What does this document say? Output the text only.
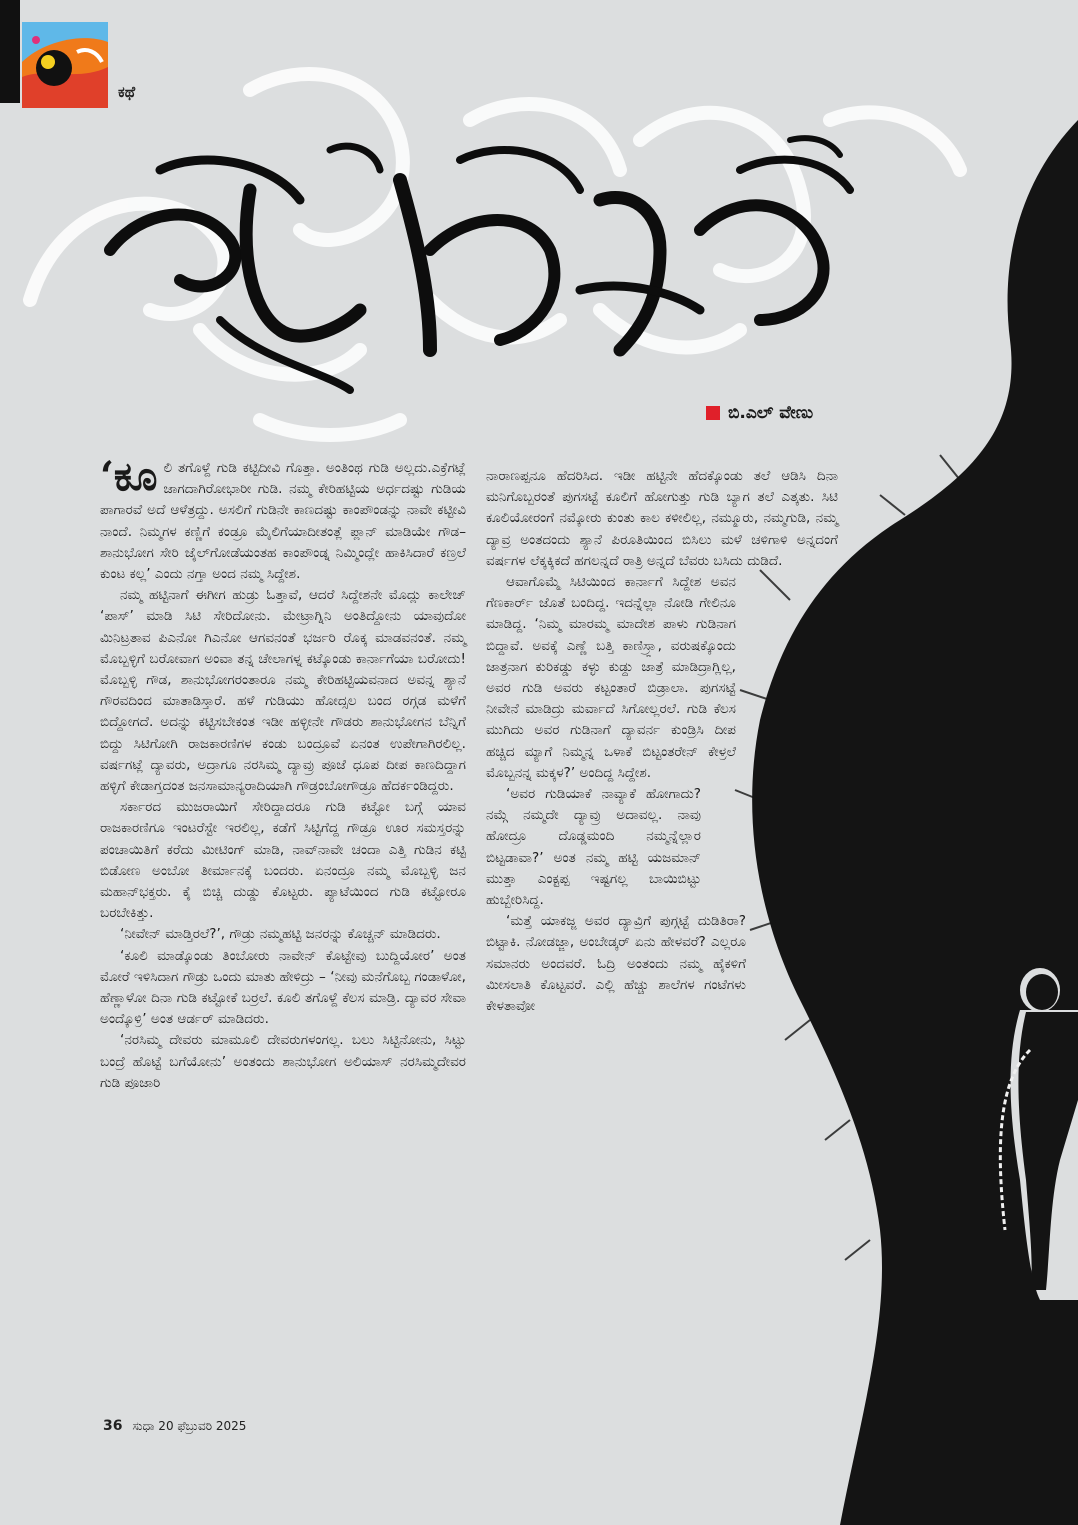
ಕಥೆ
ಬಿ.ಎಲ್‌ ವೇಣು

‘ಕೂಲಿ ತಗೊಳ್ದೆ ಗುಡಿ ಕಟ್ಟಿದೀವಿ ಗೊತ್ತಾ. ಅಂತಿಂಥ ಗುಡಿ ಅಲ್ಲದು.ಎಕ್ರೆಗಟ್ಲೆ ಜಾಗದಾಗಿರೋಭಾರೀ ಗುಡಿ. ನಮ್ಮ ಕೇರಿಹಟ್ಟಿಯ ಅರ್ಧದಷ್ಟು ಗುಡಿಯ ಪಾಗಾರವೆ ಅದೆ ಆಳೆತ್ರದ್ದು. ಅಸಲಿಗೆ ಗುಡಿನೇ ಕಾಣದಷ್ಟು ಕಾಂಪೌಂಡನ್ನು ನಾವೇ ಕಟ್ಟೀವಿ ನಾಂದೆ. ನಿಮ್ಮಗಳ ಕಣ್ಣಿಗೆ ಕಂಡ್ರೂ ಮೈಲಿಗೆಯಾದೀತಂತ್ಲೆ ಪ್ಲಾನ್ ಮಾಡಿಯೇ ಗೌಡ–ಶಾನುಭೋಗ ಸೇರಿ ಜೈಲ್‌ಗೋಡೆಯಂತಹ ಕಾಂಪೌಂಡ್ನ ನಿಮ್ಮಿಂದ್ಲೇ ಹಾಕಿಸಿದಾರೆ ಕಣ್ರಲೆ ಕುಂಟ ಕಲ್ಲ’ ಎಂದು ನಗ್ತಾ ಅಂದ ನಮ್ಮ ಸಿದ್ದೇಶ.

ನಮ್ಮ ಹಟ್ಟಿನಾಗೆ ಈಗೀಗ ಹುಡ್ರು ಓತ್ತಾವೆ, ಆದರೆ ಸಿದ್ದೇಶನೇ ಮೊದ್ಲು ಕಾಲೇಜ್ ‘ಪಾಸ್’ ಮಾಡಿ ಸಿಟಿ ಸೇರಿದೋನು. ಮೇಟ್ರಾಗ್ನಿನಿ ಅಂತಿದ್ದೋನು ಯಾವುದೋ ಮಿನಿಟ್ರತಾವ ಪಿಎನೋ ಗಿಎನೋ ಆಗವನಂತೆ ಭರ್ಜರಿ ರೊಕ್ಕ ಮಾಡವನಂತೆ. ನಮ್ಮ ಮೊಬ್ಬಳ್ಳಿಗೆ ಬರೋವಾಗ ಅಂವಾ ತನ್ನ ಚೇಲಾಗಳ್ನ ಕಟ್ಕೊಂಡು ಕಾರ್ನಾಗೆಯಾ ಬರೋದು! ಮೊಬ್ಬಳ್ಳಿ ಗೌಡ, ಶಾನುಭೋಗರಂತಾರೂ ನಮ್ಮ ಕೇರಿಹಟ್ಟಿಯವನಾದ ಅವನ್ನ ಶ್ಯಾನೆ ಗೌರವದಿಂದ ಮಾತಾಡಿಸ್ತಾರೆ. ಹಳೆ ಗುಡಿಯು ಹೋದ್ಸಲ ಬಂದ ರಗ್ಗಡ ಮಳೆಗೆ ಬಿದ್ದೋಗದೆ. ಅದನ್ನು ಕಟ್ಟಿಸಬೇಕಂತ ಇಡೀ ಹಳ್ಳೀನೇ ಗೌಡರು ಶಾನುಭೋಗನ ಬೆನ್ನಿಗೆ ಬಿದ್ದು ಸಿಟಿಗೋಗಿ ರಾಜಕಾರಣಿಗಳ ಕಂಡು ಬಂದ್ರೂವೆ ಏನಂತ ಉಪೇಗಾಗಿರಲಿಲ್ಲ. ವರ್ಷಗಟ್ಲೆ ದ್ಯಾವರು, ಅದ್ರಾಗೂ ನರಸಿಮ್ಮ ದ್ಯಾವ್ರು ಪೂಜೆ ಧೂಪ ದೀಪ ಕಾಣದಿದ್ದಾಗ ಹಳ್ಳಿಗೆ ಕೇಡಾಗ್ತದಂತ ಜನಸಾಮಾನ್ಯರಾದಿಯಾಗಿ ಗೌಡ್ರಂಬೋಗೌಡ್ರೂ ಹೆದರ್ಕಂಡಿದ್ದರು.

ಸರ್ಕಾರದ ಮುಜರಾಯಿಗೆ ಸೇರಿದ್ದಾದರೂ ಗುಡಿ ಕಟ್ಟೋ ಬಗ್ಗೆ ಯಾವ ರಾಜಕಾರಣಿಗೂ ಇಂಟರೆಸ್ಟೇ ಇರಲಿಲ್ಲ, ಕಡೆಗೆ ಸಿಟ್ಟಿಗೆದ್ದ ಗೌಡ್ರೂ ಊರ ಸಮಸ್ತರನ್ನು ಪಂಚಾಯಿತಿಗೆ ಕರೆದು ಮೀಟಿಂಗ್ ಮಾಡಿ, ನಾವ್‌ನಾವೇ ಚಂದಾ ಎತ್ತಿ ಗುಡಿನ ಕಟ್ಟಿ ಬಿಡೋಣ ಅಂಬೋ ತೀರ್ಮಾನಕ್ಕೆ ಬಂದರು. ಏನಂದ್ರೂ ನಮ್ಮ ಮೊಬ್ಬಳ್ಳಿ ಜನ ಮಹಾನ್‌ಭಕ್ತರು. ಕೈ ಬಿಚ್ಚಿ ದುಡ್ಡು ಕೊಟ್ಟರು. ಪ್ಯಾಟೆಯಿಂದ ಗುಡಿ ಕಟ್ಟೋರೂ ಬರಬೇಕಿತ್ತು.

‘ನೀವೇನ್ ಮಾಡ್ತಿರಲೆ?’, ಗೌಡ್ರು ನಮ್ಮಹಟ್ಟಿ ಜನರನ್ನು ಕೊಚ್ಚನ್ ಮಾಡಿದರು.

‘ಕೂಲಿ ಮಾಡ್ಕೊಂಡು ತಿಂಬೋರು ನಾವೇನ್ ಕೊಟ್ಟೇವು ಬುದ್ದಿಯೋರ’ ಅಂತ ಮೋರೆ ಇಳಿಸಿದಾಗ ಗೌಡ್ರು ಒಂದು ಮಾತು ಹೇಳಿದ್ರು – ‘ನೀವು ಮನೆಗೊಬ್ಬ ಗಂಡಾಳೋ, ಹೆಣ್ಣಾಳೋ ದಿನಾ ಗುಡಿ ಕಟ್ಟೋಕೆ ಬರ್ರಲೆ. ಕೂಲಿ ತಗೊಳ್ದೆ ಕೆಲಸ ಮಾಡ್ರಿ. ದ್ಯಾವರ ಸೇವಾ ಅಂದ್ಕೊಳ್ರಿ’ ಅಂತ ಆರ್ಡರ್ ಮಾಡಿದರು.

‘ನರಸಿಮ್ಮ ದೇವರು ಮಾಮೂಲಿ ದೇವರುಗಳಂಗಲ್ಲ. ಬಲು ಸಿಟ್ಟಿನೋನು, ಸಿಟ್ಟು ಬಂದ್ರೆ ಹೊಟ್ಟೆ ಬಗೆಯೋನು’ ಅಂತಂದು ಶಾನುಭೋಗ ಅಲಿಯಾಸ್ ನರಸಿಮ್ಮದೇವರ ಗುಡಿ ಪೂಜಾರಿ

ನಾರಾಣಪ್ಪನೂ ಹೆದರಿಸಿದ. ಇಡೀ ಹಟ್ಟಿನೇ ಹೆದಕ್ಕೊಂಡು ತಲೆ ಆಡಿಸಿ ದಿನಾ ಮನಿಗೊಬ್ಬರಂತೆ ಪುಗಸಟ್ಟೆ ಕೂಲಿಗೆ ಹೋಗುತ್ತು ಗುಡಿ ಬ್ಯಾಗ ತಲೆ ಎತ್ಕತು. ಸಿಟಿ ಕೂಲಿಯೋರಂಗೆ ನಮ್ಕೋರು ಕುಂತು ಕಾಲ ಕಳೀಲಿಲ್ಲ, ನಮ್ಮೂರು, ನಮ್ಮಗುಡಿ, ನಮ್ಮ ದ್ಯಾವ್ರ ಅಂತದಂದು ಶ್ಯಾನೆ ಪಿರೂತಿಯಿಂದ ಬಿಸಿಲು ಮಳೆ ಚಳಿಗಾಳಿ ಅನ್ನದಂಗೆ ವರ್ಷಗಳ ಲೆಕ್ಕಕ್ಕಿಕದೆ ಹಗಲನ್ನದೆ ರಾತ್ರಿ ಅನ್ನದೆ ಬೆವರು ಬಸಿದು ದುಡಿದೆ.

ಆವಾಗೊಮ್ಮೆ ಸಿಟಿಯಿಂದ ಕಾರ್ನಾಗೆ ಸಿದ್ದೇಶ ಅವನ ಗೆಣಕಾರ್ರ್ ಜೊತೆ ಬಂದಿದ್ದ. ಇದನ್ನೆಲ್ಲಾ ನೋಡಿ ಗೇಲಿನೂ ಮಾಡಿದ್ದ. ‘ನಿಮ್ಮ ಮಾರಮ್ಮ ಮಾದೇಶ ಪಾಳು ಗುಡಿನಾಗ ಬಿದ್ದಾವೆ. ಅವಕ್ಕೆ ಎಣ್ಣೆ ಬತ್ತಿ ಕಾಣಿಸ್ರ್ಲಾ, ವರುಷಕ್ಕೊಂದು ಜಾತ್ರನಾಗ ಕುರಿಕಡ್ಡು ಕಳ್ಳು ಕುಡ್ದು ಜಾತ್ರೆ ಮಾಡಿದ್ರಾಗ್ಲಿಲ್ಲ, ಅವರ ಗುಡಿ ಅವರು ಕಟ್ಟಂತಾರೆ ಬಿಡ್ರಾಲಾ. ಪುಗಸಟ್ಟೆ ನೀವೇನೆ ಮಾಡಿದ್ರು ಮರ್ವಾದೆ ಸಿಗೋಲ್ಲರಲೆ. ಗುಡಿ ಕೆಲಸ ಮುಗಿದು ಅವರ ಗುಡಿನಾಗೆ ದ್ಯಾವರ್ನ ಕುಂಡ್ರಿಸಿ ದೀಪ ಹಚ್ಚಿದ ಮ್ಯಾಗೆ ನಿಮ್ಮನ್ನ ಒಳಾಕೆ ಬಿಟ್ಟಂತರೇನ್ ಕೇಳ್ರಲೆ ಮೊಬ್ಬನನ್ನ ಮಕ್ಕಳ?’ ಅಂದಿದ್ದ ಸಿದ್ದೇಶ.

‘ಅವರ ಗುಡಿಯಾಕೆ ನಾವ್ಯಾಕೆ ಹೋಗಾದು? ನಮ್ಗೆ ನಮ್ಮದೇ ದ್ಯಾವ್ರು ಅದಾವಲ್ಲ. ನಾವು ಹೋದ್ರೂ ದೊಡ್ಡಮಂದಿ ನಮ್ಮನ್ನೆಲ್ಲಾರ ಬಿಟ್ಟಡಾವಾ?’ ಅಂತ ನಮ್ಮ ಹಟ್ಟಿ ಯಜಮಾನ್ ಮುತ್ತಾ ಎಂಕ್ಟಪ್ಪ ಇಷ್ಟಗಲ್ಲ ಬಾಯಿಬಿಟ್ಟು ಹುಬ್ಬೇರಿಸಿದ್ದ.

‘ಮತ್ತೆ ಯಾಕಜ್ಜ ಅವರ ದ್ಯಾವ್ರಿಗೆ ಪುಗ್ಗಟ್ಟೆ ದುಡಿತಿರಾ? ಬಿಟ್ಟಾಕಿ. ನೋಡಜ್ಜಾ, ಅಂಬೇಡ್ಕರ್ ಏನು ಹೇಳವರೆ? ಎಲ್ಲರೂ ಸಮಾನರು ಅಂದವರೆ. ಓದ್ರಿ ಅಂತಂದು ನಮ್ಮ ಹೈಕಳಿಗೆ ಮೀಸಲಾತಿ ಕೊಟ್ಟವರೆ. ಎಲ್ಲಿ ಹೆಚ್ಚು ಶಾಲೆಗಳ ಗಂಟೆಗಳು ಕೇಳತಾವೋ

36 ಸುಧಾ 20 ಫೆಬ್ರುವರಿ 2025
